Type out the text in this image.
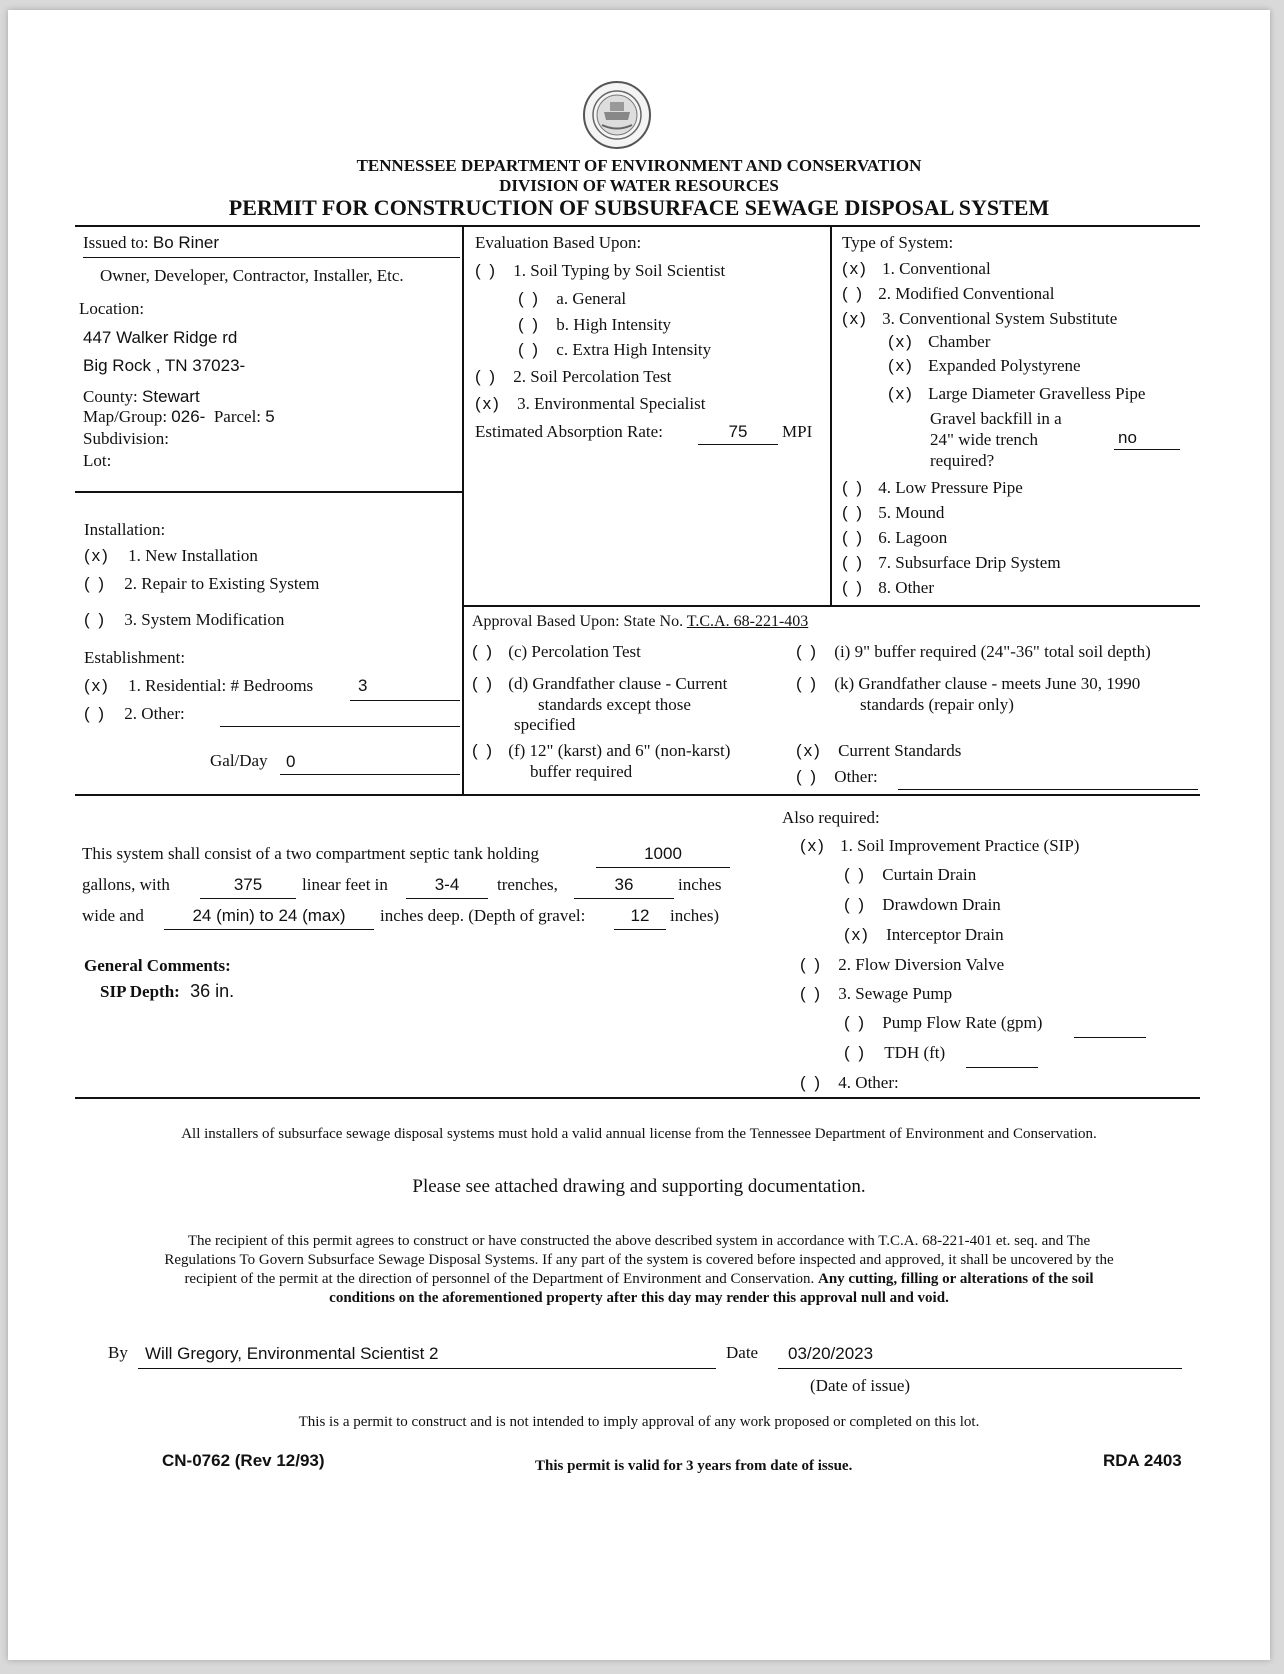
TENNESSEE DEPARTMENT OF ENVIRONMENT AND CONSERVATION
DIVISION OF WATER RESOURCES
PERMIT FOR CONSTRUCTION OF SUBSURFACE SEWAGE DISPOSAL SYSTEM
Issued to: Bo Riner
Owner, Developer, Contractor, Installer, Etc.
Location:
447 Walker Ridge rd
Big Rock , TN 37023-
County: Stewart
Map/Group: 026- Parcel: 5
Subdivision:
Lot:
Installation:
(x) 1. New Installation
( ) 2. Repair to Existing System
( ) 3. System Modification
Establishment:
(x) 1. Residential: # Bedrooms	3
( ) 2. Other:
Gal/Day 0
Evaluation Based Upon:
( ) 1. Soil Typing by Soil Scientist
( ) a. General
( ) b. High Intensity
( ) c. Extra High Intensity
( ) 2. Soil Percolation Test
(x) 3. Environmental Specialist
Estimated Absorption Rate:	75	MPI
Type of System:
(x) 1. Conventional
( ) 2. Modified Conventional
(x) 3. Conventional System Substitute
(x) Chamber
(x) Expanded Polystyrene
(x) Large Diameter Gravelless Pipe
Gravel backfill in a
24" wide trench
required?
no
( ) 4. Low Pressure Pipe
( ) 5. Mound
( ) 6. Lagoon
( ) 7. Subsurface Drip System
( ) 8. Other
Approval Based Upon: State No. T.C.A. 68-221-403
( ) (c) Percolation Test
( ) (d) Grandfather clause - Current
standards except those
specified
( ) (f) 12" (karst) and 6" (non-karst)
buffer required
( ) (i) 9" buffer required (24"-36" total soil depth)
( ) (k) Grandfather clause - meets June 30, 1990
standards (repair only)
(x) Current Standards
( ) Other:
This system shall consist of a two compartment septic tank holding	1000
gallons, with	375	linear feet in	3-4	trenches,	36	inches
wide and	24 (min) to 24 (max)	inches deep. (Depth of gravel:	12	inches)
General Comments:
SIP Depth: 36 in.
Also required:
(x) 1. Soil Improvement Practice (SIP)
( ) Curtain Drain
( ) Drawdown Drain
(x) Interceptor Drain
( ) 2. Flow Diversion Valve
( ) 3. Sewage Pump
( ) Pump Flow Rate (gpm)
( ) TDH (ft)
( ) 4. Other:
All installers of subsurface sewage disposal systems must hold a valid annual license from the Tennessee Department of Environment and Conservation.
Please see attached drawing and supporting documentation.
The recipient of this permit agrees to construct or have constructed the above described system in accordance with T.C.A. 68-221-401 et. seq. and The
Regulations To Govern Subsurface Sewage Disposal Systems. If any part of the system is covered before inspected and approved, it shall be uncovered by the
recipient of the permit at the direction of personnel of the Department of Environment and Conservation. Any cutting, filling or alterations of the soil
conditions on the aforementioned property after this day may render this approval null and void.
By Will Gregory, Environmental Scientist 2	Date 03/20/2023
(Date of issue)
This is a permit to construct and is not intended to imply approval of any work proposed or completed on this lot.
CN-0762 (Rev 12/93)	This permit is valid for 3 years from date of issue.	RDA 2403
